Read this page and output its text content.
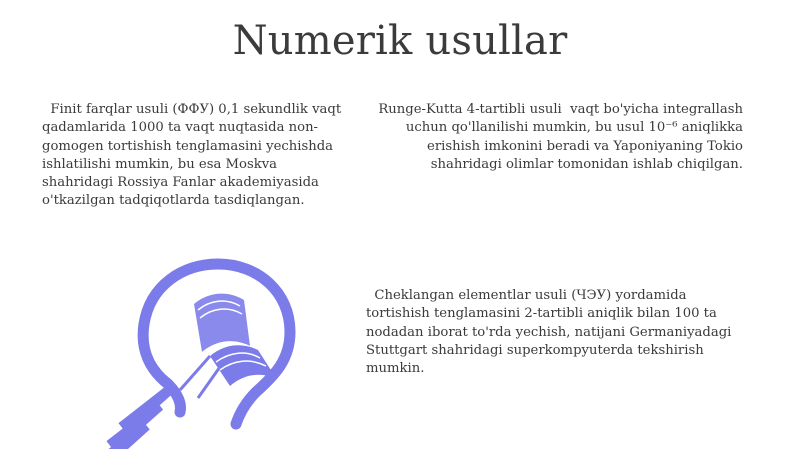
Numerik usullar

Finit farqlar usuli (ФФУ) 0,1 sekundlik vaqt qadamlarida 1000 ta vaqt nuqtasida non-gomogen tortishish tenglamasini yechishda ishlatilishi mumkin, bu esa Moskva shahridagi Rossiya Fanlar akademiyasida o'tkazilgan tadqiqotlarda tasdiqlangan.

Runge-Kutta 4-tartibli usuli  vaqt bo'yicha integrallash uchun qo'llanilishi mumkin, bu usul 10⁻⁶ aniqlikka erishish imkonini beradi va Yaponiyaning Tokio shahridagi olimlar tomonidan ishlab chiqilgan.

Cheklangan elementlar usuli (ЧЭУ) yordamida tortishish tenglamasini 2-tartibli aniqlik bilan 100 ta nodadan iborat to'rda yechish, natijani Germaniyadagi  Stuttgart shahridagi superkompyuterda tekshirish mumkin.
